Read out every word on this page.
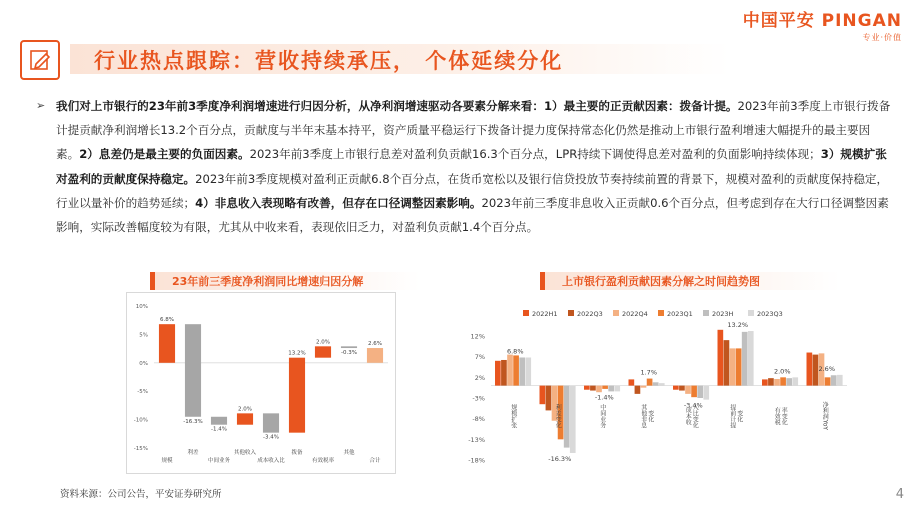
中国平安 PINGAN
专业·价值
行业热点跟踪：营收持续承压， 个体延续分化
➢ 我们对上市银行的23年前3季度净利润增速进行归因分析，从净利润增速驱动各要素分解来看：1）最主要的正贡献因素：拨备计提。2023年前3季度上市银行拨备计提贡献净利润增长13.2个百分点，贡献度与半年末基本持平，资产质量平稳运行下拨备计提力度保持常态化仍然是推动上市银行盈利增速大幅提升的最主要因素。2）息差仍是最主要的负面因素。2023年前3季度上市银行息差对盈利负贡献16.3个百分点，LPR持续下调使得息差对盈利的负面影响持续体现；3）规模扩张对盈利的贡献度保持稳定。2023年前3季度规模对盈利正贡献6.8个百分点，在货币宽松以及银行信贷投放节奏持续前置的背景下，规模对盈利的贡献度保持稳定，行业以量补价的趋势延续；4）非息收入表现略有改善，但存在口径调整因素影响。2023年前三季度非息收入正贡献0.6个百分点，但考虑到存在大行口径调整因素影响，实际改善幅度较为有限，尤其从中收来看，表现依旧乏力，对盈利负贡献1.4个百分点。
23年前三季度净利润同比增速归因分解	上市银行盈利贡献因素分解之时间趋势图
10%
5%
0%
-5%
-10%
-15%
6.8%
规模
-16.3%
利差
-1.4%
中间业务
2.0%
其他收入
-3.4%
成本收入比
13.2%
拨备
2.0%
有效税率
-0.3%
其他
2.6%
合计
12%
7%
2%
-3%
-8%
-13%
-18%
2022H1	2022Q3	2022Q4	2023Q1	2023H	2023Q3
6.8%
-16.3%
-1.4%
1.7%
-3.4%
13.2%
2.0%	2.6%
规模扩张	利差变化	中间业务	其他非息 变化	成本收 入比变化	提前计提 变化	有效税 率变化	净利润YoY
资料来源：公司公告，平安证券研究所	4
